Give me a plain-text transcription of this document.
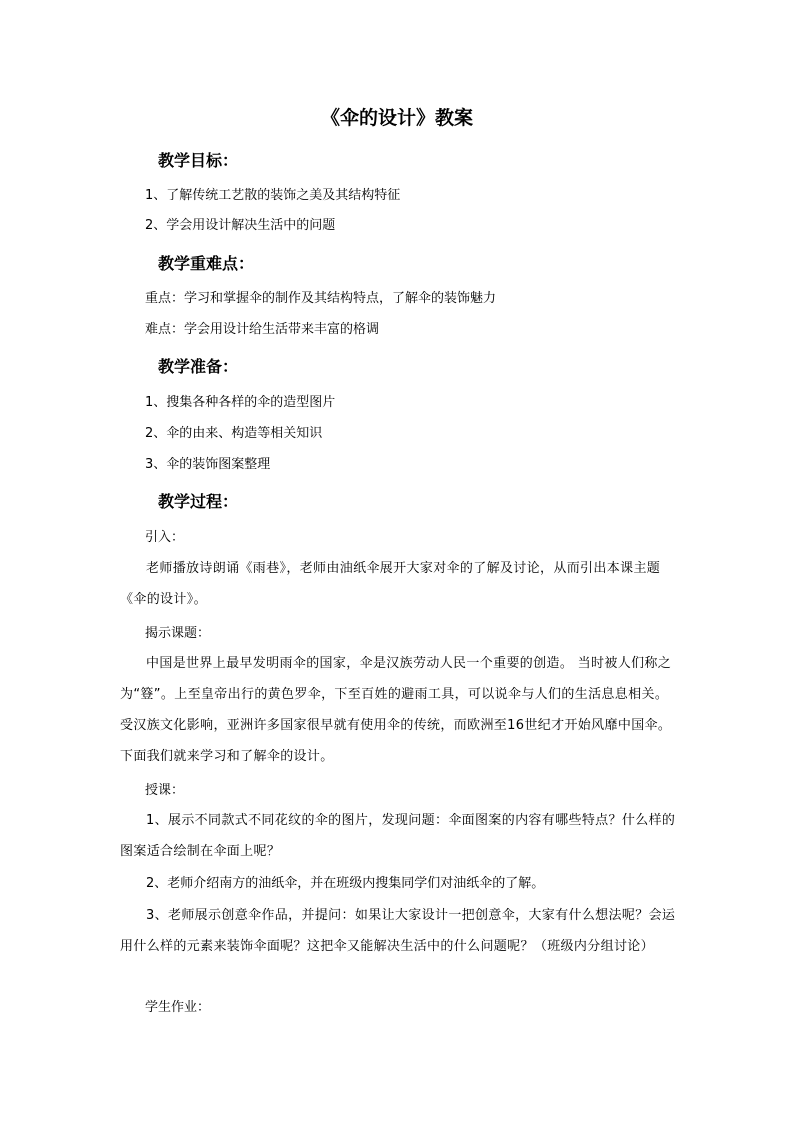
《伞的设计》教案
教学目标：
1、了解传统工艺散的装饰之美及其结构特征
2、学会用设计解决生活中的问题
教学重难点：
重点：学习和掌握伞的制作及其结构特点，了解伞的装饰魅力
难点：学会用设计给生活带来丰富的格调
教学准备：
1、搜集各种各样的伞的造型图片
2、伞的由来、构造等相关知识
3、伞的装饰图案整理
教学过程：
引入：
老师播放诗朗诵《雨巷》，老师由油纸伞展开大家对伞的了解及讨论，从而引出本课主题《伞的设计》。
揭示课题：
中国是世界上最早发明雨伞的国家，伞是汉族劳动人民一个重要的创造。 当时被人们称之为“簦”。上至皇帝出行的黄色罗伞，下至百姓的避雨工具，可以说伞与人们的生活息息相关。受汉族文化影响，亚洲许多国家很早就有使用伞的传统，而欧洲至16世纪才开始风靡中国伞。下面我们就来学习和了解伞的设计。
授课：
1、展示不同款式不同花纹的伞的图片，发现问题：伞面图案的内容有哪些特点？什么样的图案适合绘制在伞面上呢？
2、老师介绍南方的油纸伞，并在班级内搜集同学们对油纸伞的了解。
3、老师展示创意伞作品，并提问：如果让大家设计一把创意伞，大家有什么想法呢？会运用什么样的元素来装饰伞面呢？这把伞又能解决生活中的什么问题呢？（班级内分组讨论）
学生作业：
